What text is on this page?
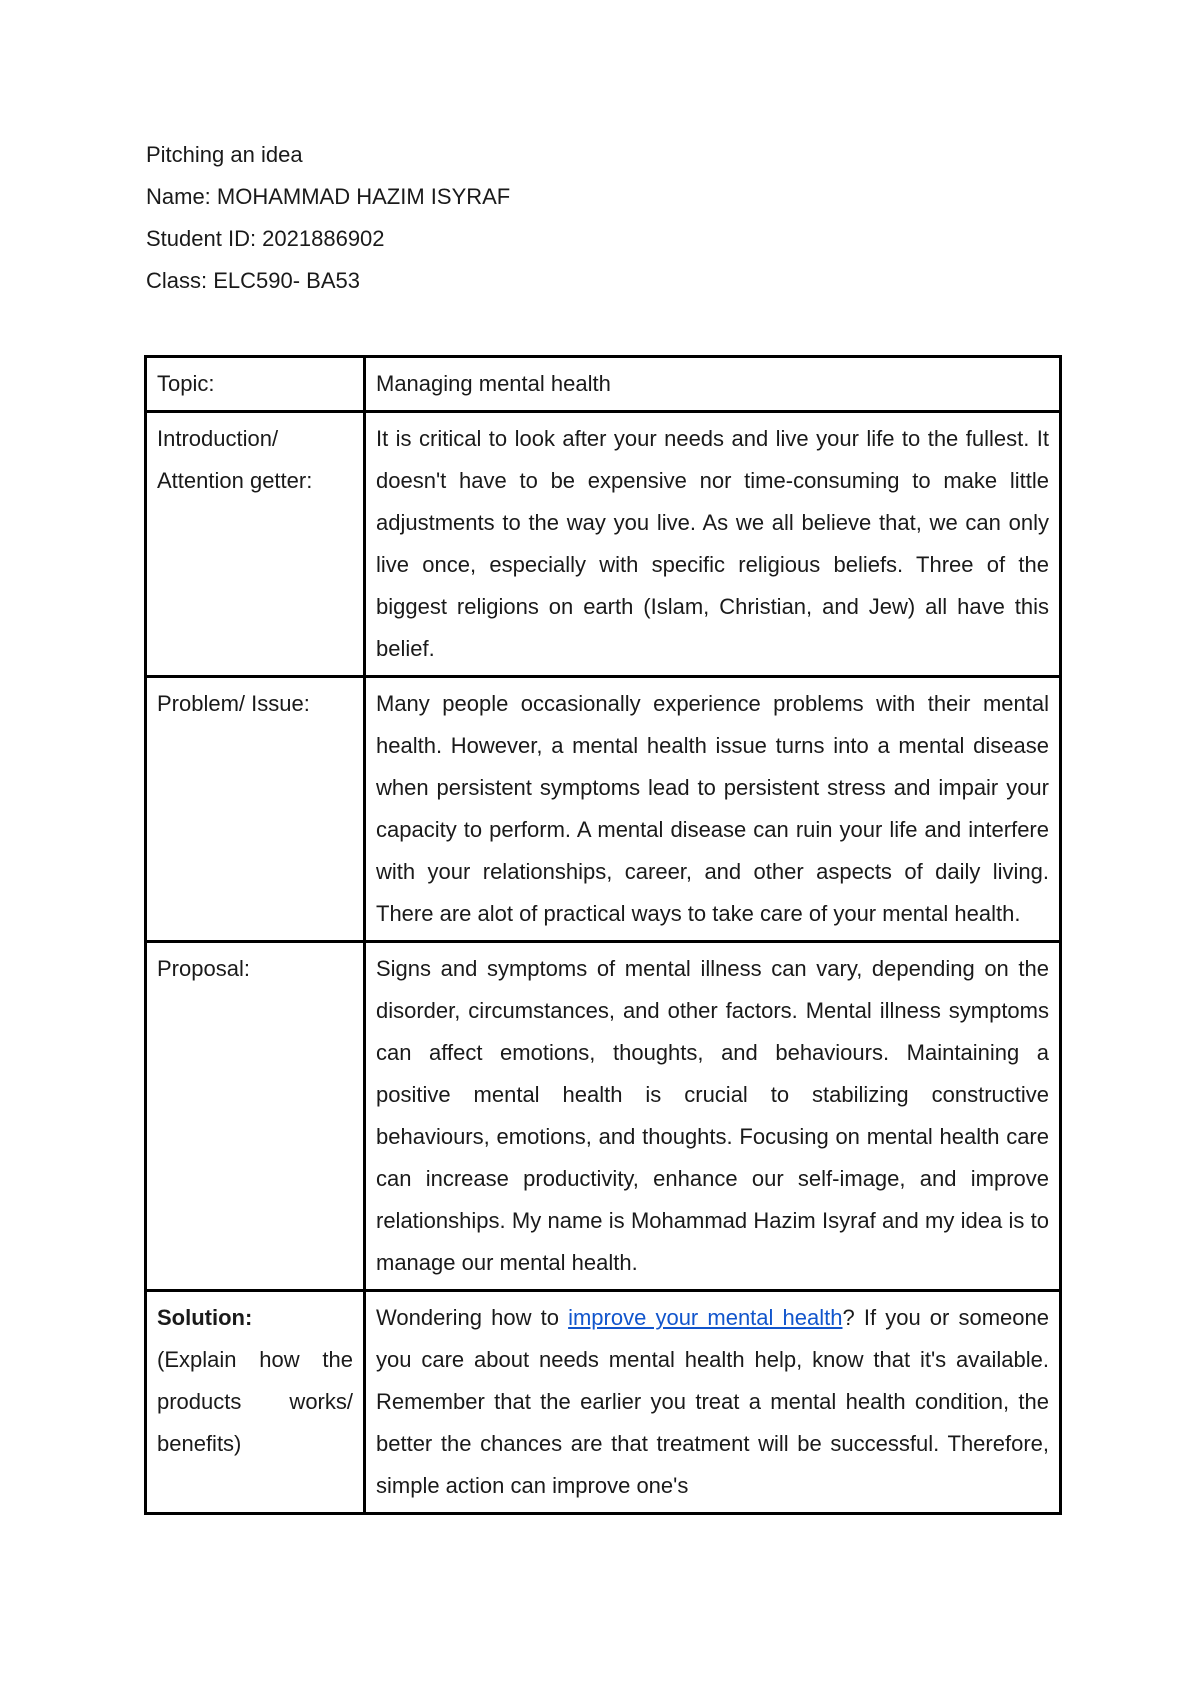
Pitching an idea

Name: MOHAMMAD HAZIM ISYRAF

Student ID: 2021886902

Class: ELC590- BA53

Topic:	Managing mental health
Introduction/ Attention getter:	It is critical to look after your needs and live your life to the fullest. It doesn't have to be expensive nor time-consuming to make little adjustments to the way you live. As we all believe that, we can only live once, especially with specific religious beliefs. Three of the biggest religions on earth (Islam, Christian, and Jew) all have this belief.
Problem/ Issue:	Many people occasionally experience problems with their mental health. However, a mental health issue turns into a mental disease when persistent symptoms lead to persistent stress and impair your capacity to perform. A mental disease can ruin your life and interfere with your relationships, career, and other aspects of daily living. There are alot of practical ways to take care of your mental health.
Proposal:	Signs and symptoms of mental illness can vary, depending on the disorder, circumstances, and other factors. Mental illness symptoms can affect emotions, thoughts, and behaviours. Maintaining a positive mental health is crucial to stabilizing constructive behaviours, emotions, and thoughts. Focusing on mental health care can increase productivity, enhance our self-image, and improve relationships. My name is Mohammad Hazim Isyraf and my idea is to manage our mental health.

Solution:
(Explain how the products works/ benefits)	Wondering how to improve your mental health? If you or someone you care about needs mental health help, know that it's available. Remember that the earlier you treat a mental health condition, the better the chances are that treatment will be successful. Therefore, simple action can improve one's
